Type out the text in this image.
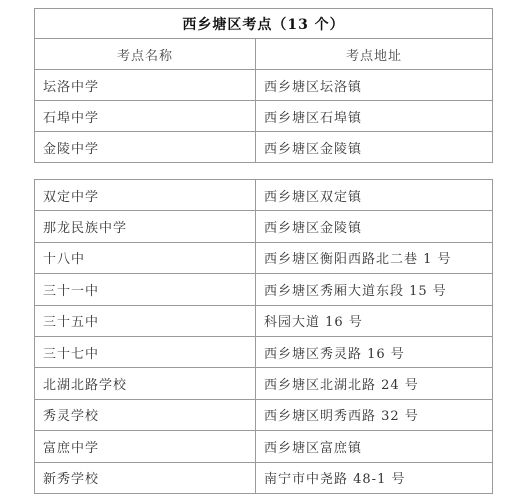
西乡塘区考点（13 个）	
考点名称	考点地址
坛洛中学	西乡塘区坛洛镇
石埠中学	西乡塘区石埠镇
金陵中学	西乡塘区金陵镇
双定中学	西乡塘区双定镇
那龙民族中学	西乡塘区金陵镇
十八中	西乡塘区衡阳西路北二巷 1 号
三十一中	西乡塘区秀厢大道东段 15 号
三十五中	科园大道 16 号
三十七中	西乡塘区秀灵路 16 号
北湖北路学校	西乡塘区北湖北路 24 号
秀灵学校	西乡塘区明秀西路 32 号
富庶中学	西乡塘区富庶镇
新秀学校	南宁市中尧路 48-1 号
